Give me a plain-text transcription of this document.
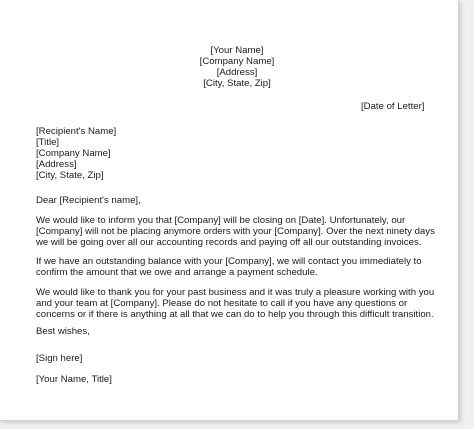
[Your Name]
[Company Name]
[Address]
[City, State, Zip]
[Date of Letter]
[Recipient's Name]
[Title]
[Company Name]
[Address]
[City, State, Zip]
Dear [Recipient's name],
We would like to inform you that [Company] will be closing on [Date]. Unfortunately, our
[Company] will not be placing anymore orders with your [Company]. Over the next ninety days
we will be going over all our accounting records and paying off all our outstanding invoices.
If we have an outstanding balance with your [Company], we will contact you immediately to
confirm the amount that we owe and arrange a payment schedule.
We would like to thank you for your past business and it was truly a pleasure working with you
and your team at [Company]. Please do not hesitate to call if you have any questions or
concerns or if there is anything at all that we can do to help you through this difficult transition.
Best wishes,
[Sign here]
[Your Name, Title]
